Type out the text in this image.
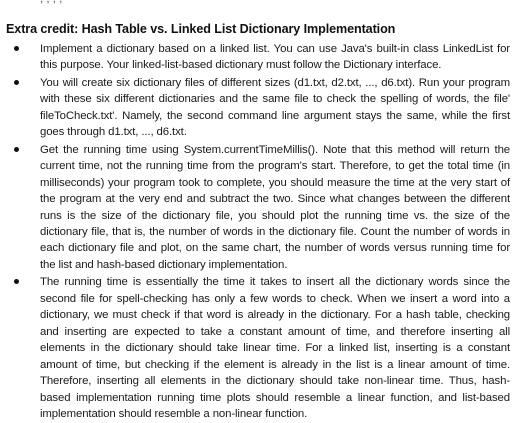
Extra credit: Hash Table vs. Linked List Dictionary Implementation
Implement a dictionary based on a linked list. You can use Java's built-in class LinkedList for this purpose. Your linked-list-based dictionary must follow the Dictionary interface.
You will create six dictionary files of different sizes (d1.txt, d2.txt, ..., d6.txt). Run your program with these six different dictionaries and the same file to check the spelling of words, the file' fileToCheck.txt'. Namely, the second command line argument stays the same, while the first goes through d1.txt, ..., d6.txt.
Get the running time using System.currentTimeMillis(). Note that this method will return the current time, not the running time from the program's start. Therefore, to get the total time (in milliseconds) your program took to complete, you should measure the time at the very start of the program at the very end and subtract the two. Since what changes between the different runs is the size of the dictionary file, you should plot the running time vs. the size of the dictionary file, that is, the number of words in the dictionary file. Count the number of words in each dictionary file and plot, on the same chart, the number of words versus running time for the list and hash-based dictionary implementation.
The running time is essentially the time it takes to insert all the dictionary words since the second file for spell-checking has only a few words to check. When we insert a word into a dictionary, we must check if that word is already in the dictionary. For a hash table, checking and inserting are expected to take a constant amount of time, and therefore inserting all elements in the dictionary should take linear time. For a linked list, inserting is a constant amount of time, but checking if the element is already in the list is a linear amount of time. Therefore, inserting all elements in the dictionary should take non-linear time. Thus, hash-based implementation running time plots should resemble a linear function, and list-based implementation should resemble a non-linear function.
